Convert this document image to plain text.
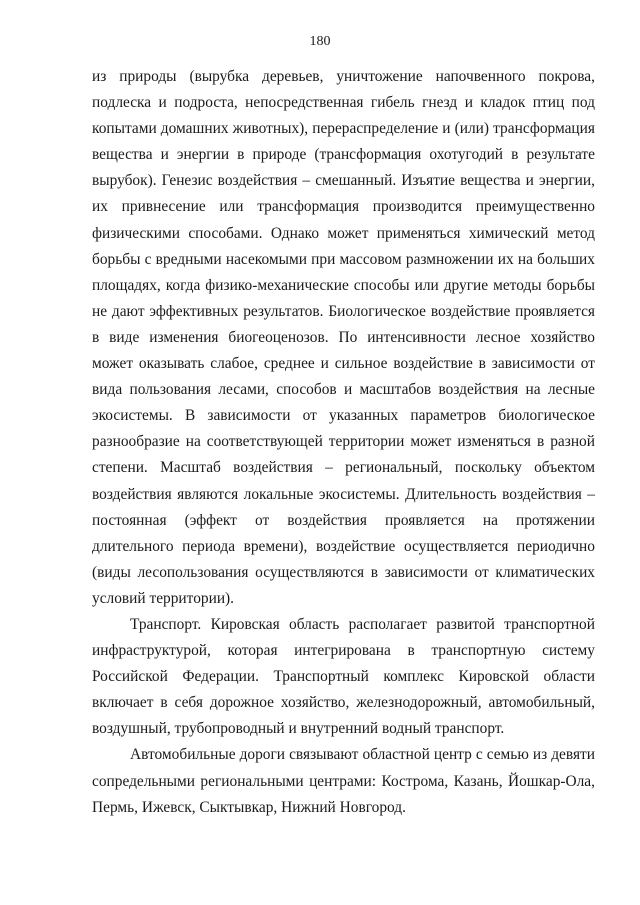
180

из природы (вырубка деревьев, уничтожение напочвенного покрова, подлеска и подроста, непосредственная гибель гнезд и кладок птиц под копытами домашних животных), перераспределение и (или) трансформация вещества и энергии в природе (трансформация охотугодий в результате вырубок). Генезис воздействия – смешанный. Изъятие вещества и энергии, их привнесение или трансформация производится преимущественно физическими способами. Однако может применяться химический метод борьбы с вредными насекомыми при массовом размножении их на больших площадях, когда физико-механические способы или другие методы борьбы не дают эффективных результатов. Биологическое воздействие проявляется в виде изменения биогеоценозов. По интенсивности лесное хозяйство может оказывать слабое, среднее и сильное воздействие в зависимости от вида пользования лесами, способов и масштабов воздействия на лесные экосистемы. В зависимости от указанных параметров биологическое разнообразие на соответствующей территории может изменяться в разной степени. Масштаб воздействия – региональный, поскольку объектом воздействия являются локальные экосистемы. Длительность воздействия – постоянная (эффект от воздействия проявляется на протяжении длительного периода времени), воздействие осуществляется периодично (виды лесопользования осуществляются в зависимости от климатических условий территории).

Транспорт. Кировская область располагает развитой транспортной инфраструктурой, которая интегрирована в транспортную систему Российской Федерации. Транспортный комплекс Кировской области включает в себя дорожное хозяйство, железнодорожный, автомобильный, воздушный, трубопроводный и внутренний водный транспорт.

Автомобильные дороги связывают областной центр с семью из девяти сопредельными региональными центрами: Кострома, Казань, Йошкар-Ола, Пермь, Ижевск, Сыктывкар, Нижний Новгород.
